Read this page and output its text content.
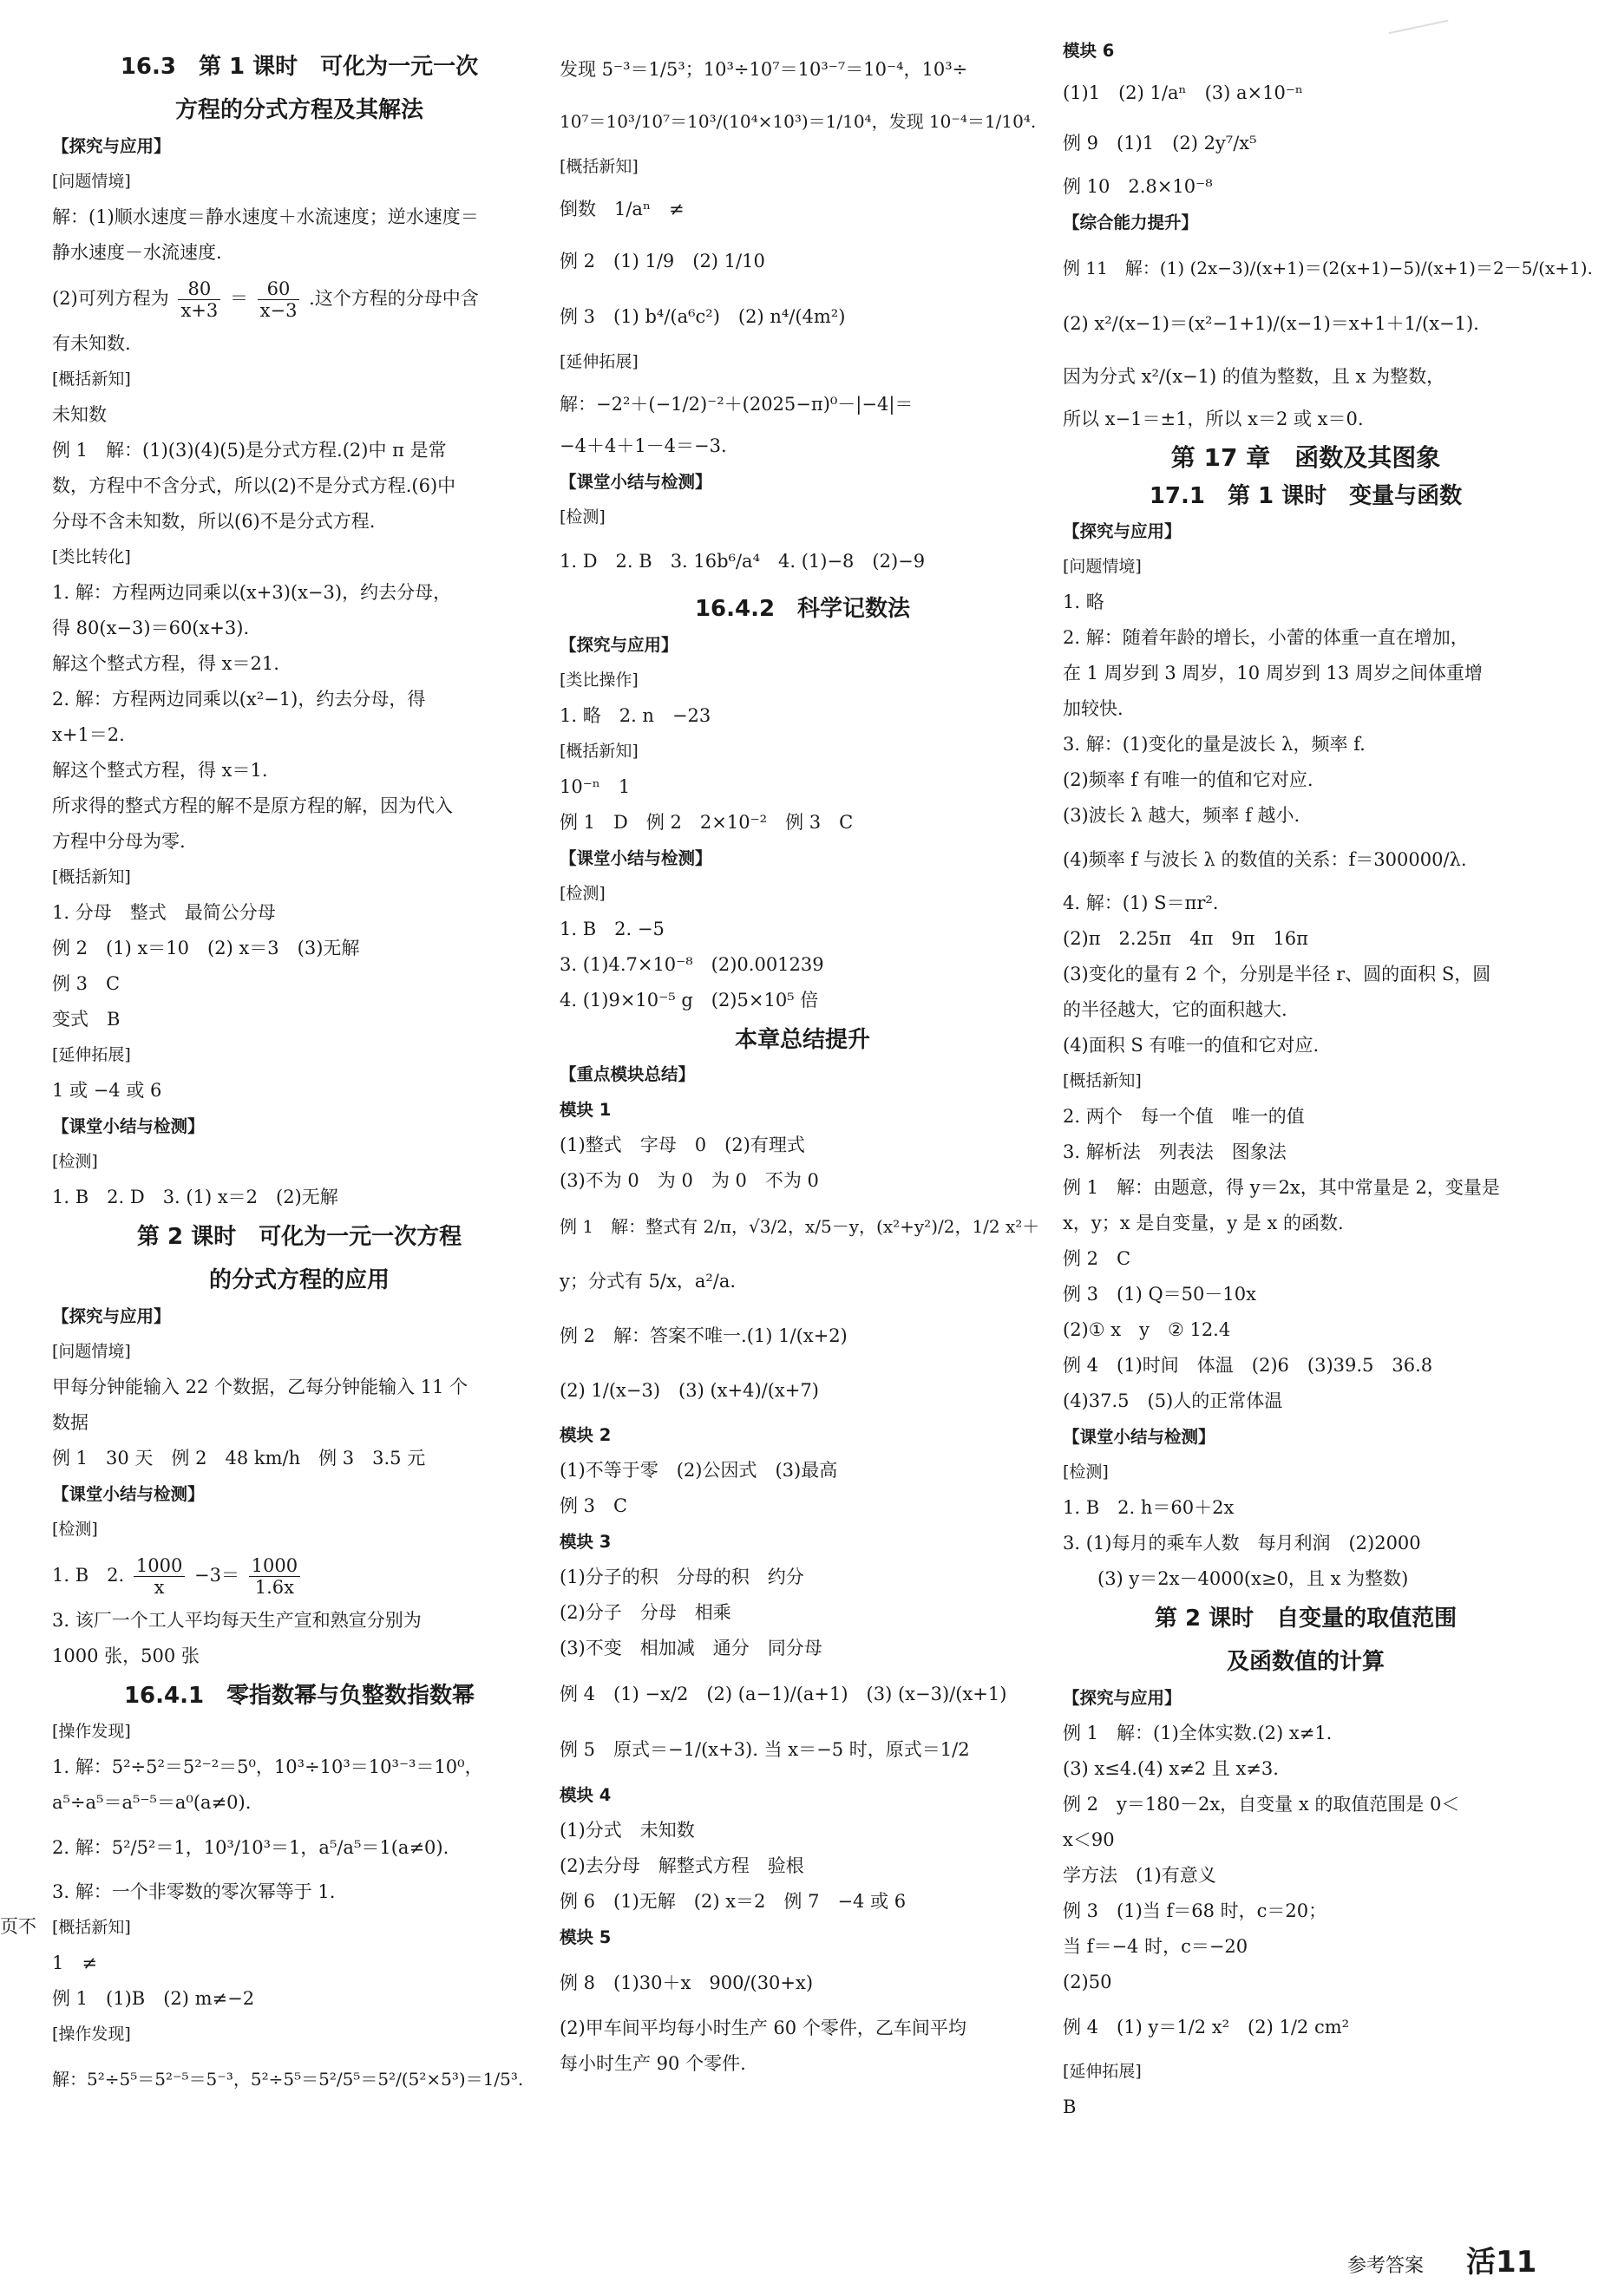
页不
16.3　第 1 课时　可化为一元一次
方程的分式方程及其解法
【探究与应用】
[问题情境]
解：(1)顺水速度＝静水速度＋水流速度；逆水速度＝
静水速度－水流速度.
(2)可列方程为 $\frac{80}{x+3} = \frac{60}{x-3}$ .这个方程的分母中含
有未知数.
[概括新知]
未知数
例 1　解：(1)(3)(4)(5)是分式方程.(2)中 π 是常
数，方程中不含分式，所以(2)不是分式方程.(6)中
分母不含未知数，所以(6)不是分式方程.
[类比转化]
1. 解：方程两边同乘以(x+3)(x−3)，约去分母，
得 80(x−3)＝60(x+3).
解这个整式方程，得 x＝21.
2. 解：方程两边同乘以(x²−1)，约去分母，得
x+1＝2.
解这个整式方程，得 x＝1.
所求得的整式方程的解不是原方程的解，因为代入
方程中分母为零.
[概括新知]
1. 分母　整式　最简公分母
例 2　(1) x＝10　(2) x＝3　(3)无解
例 3　C
变式　B
[延伸拓展]
1 或 −4 或 6
【课堂小结与检测】
[检测]
1. B　2. D　3. (1) x＝2　(2)无解
第 2 课时　可化为一元一次方程
的分式方程的应用
【探究与应用】
[问题情境]
甲每分钟能输入 22 个数据，乙每分钟能输入 11 个
数据
例 1　30 天　例 2　48 km/h　例 3　3.5 元
【课堂小结与检测】
[检测]
1. B　2. $\frac{1000}{x} -3= \frac{1000}{1.6x}$
3. 该厂一个工人平均每天生产宣和熟宣分别为
1000 张，500 张
16.4.1　零指数幂与负整数指数幂
[操作发现]
1. 解：5²÷5²＝5²⁻²＝5⁰，10³÷10³＝10³⁻³＝10⁰，
a⁵÷a⁵＝a⁵⁻⁵＝a⁰(a≠0).
2. 解：5²/5²＝1，10³/10³＝1，a⁵/a⁵＝1(a≠0).
3. 解：一个非零数的零次幂等于 1.
[概括新知]
1　≠
例 1　(1)B　(2) m≠−2
[操作发现]
解：5²÷5⁵＝5²⁻⁵＝5⁻³，5²÷5⁵＝5²/5⁵＝5²/(5²×5³)＝1/5³.
发现 5⁻³＝1/5³；10³÷10⁷＝10³⁻⁷＝10⁻⁴，10³÷
10⁷＝10³/10⁷＝10³/(10⁴×10³)＝1/10⁴，发现 10⁻⁴＝1/10⁴.
[概括新知]
倒数　1/aⁿ　≠
例 2　(1) 1/9　(2) 1/10
例 3　(1) b⁴/(a⁶c²)　(2) n⁴/(4m²)
[延伸拓展]
解：−2²＋(−1/2)⁻²＋(2025−π)⁰－|−4|＝
−4＋4＋1－4＝−3.
【课堂小结与检测】
[检测]
1. D　2. B　3. 16b⁶/a⁴　4. (1)−8　(2)−9
16.4.2　科学记数法
【探究与应用】
[类比操作]
1. 略　2. n　−23
[概括新知]
10⁻ⁿ　1
例 1　D　例 2　2×10⁻²　例 3　C
【课堂小结与检测】
[检测]
1. B　2. −5
3. (1)4.7×10⁻⁸　(2)0.001239
4. (1)9×10⁻⁵ g　(2)5×10⁵ 倍
本章总结提升
【重点模块总结】
模块 1
(1)整式　字母　0　(2)有理式
(3)不为 0　为 0　为 0　不为 0
例 1　解：整式有 2/π，√3/2，x/5－y，(x²+y²)/2，1/2 x²＋
y；分式有 5/x，a²/a.
例 2　解：答案不唯一.(1) 1/(x+2)
(2) 1/(x−3)　(3) (x+4)/(x+7)
模块 2
(1)不等于零　(2)公因式　(3)最高
例 3　C
模块 3
(1)分子的积　分母的积　约分
(2)分子　分母　相乘
(3)不变　相加减　通分　同分母
例 4　(1) −x/2　(2) (a−1)/(a+1)　(3) (x−3)/(x+1)
例 5　原式＝−1/(x+3). 当 x＝−5 时，原式＝1/2
模块 4
(1)分式　未知数
(2)去分母　解整式方程　验根
例 6　(1)无解　(2) x＝2　例 7　−4 或 6
模块 5
例 8　(1)30＋x　900/(30+x)
(2)甲车间平均每小时生产 60 个零件，乙车间平均
每小时生产 90 个零件.
模块 6
(1)1　(2) 1/aⁿ　(3) a×10⁻ⁿ
例 9　(1)1　(2) 2y⁷/x⁵
例 10　2.8×10⁻⁸
【综合能力提升】
例 11　解：(1) (2x−3)/(x+1)＝(2(x+1)−5)/(x+1)＝2－5/(x+1).
(2) x²/(x−1)＝(x²−1+1)/(x−1)＝x+1＋1/(x−1).
因为分式 x²/(x−1) 的值为整数，且 x 为整数，
所以 x−1＝±1，所以 x＝2 或 x＝0.
第 17 章　函数及其图象
17.1　第 1 课时　变量与函数
【探究与应用】
[问题情境]
1. 略
2. 解：随着年龄的增长，小蕾的体重一直在增加，
在 1 周岁到 3 周岁，10 周岁到 13 周岁之间体重增
加较快.
3. 解：(1)变化的量是波长 λ，频率 f.
(2)频率 f 有唯一的值和它对应.
(3)波长 λ 越大，频率 f 越小.
(4)频率 f 与波长 λ 的数值的关系：f＝300000/λ.
4. 解：(1) S＝πr².
(2)π　2.25π　4π　9π　16π
(3)变化的量有 2 个，分别是半径 r、圆的面积 S，圆
的半径越大，它的面积越大.
(4)面积 S 有唯一的值和它对应.
[概括新知]
2. 两个　每一个值　唯一的值
3. 解析法　列表法　图象法
例 1　解：由题意，得 y＝2x，其中常量是 2，变量是
x，y；x 是自变量，y 是 x 的函数.
例 2　C
例 3　(1) Q＝50－10x
(2)① x　y　② 12.4
例 4　(1)时间　体温　(2)6　(3)39.5　36.8
(4)37.5　(5)人的正常体温
【课堂小结与检测】
[检测]
1. B　2. h＝60＋2x
3. (1)每月的乘车人数　每月利润　(2)2000
(3) y＝2x－4000(x≥0，且 x 为整数)
第 2 课时　自变量的取值范围
及函数值的计算
【探究与应用】
例 1　解：(1)全体实数.(2) x≠1.
(3) x≤4.(4) x≠2 且 x≠3.
例 2　y＝180－2x，自变量 x 的取值范围是 0＜
x＜90
学方法　(1)有意义
例 3　(1)当 f＝68 时，c＝20；
当 f＝−4 时，c＝−20
(2)50
例 4　(1) y＝1/2 x²　(2) 1/2 cm²
[延伸拓展]
B
参考答案 活11
